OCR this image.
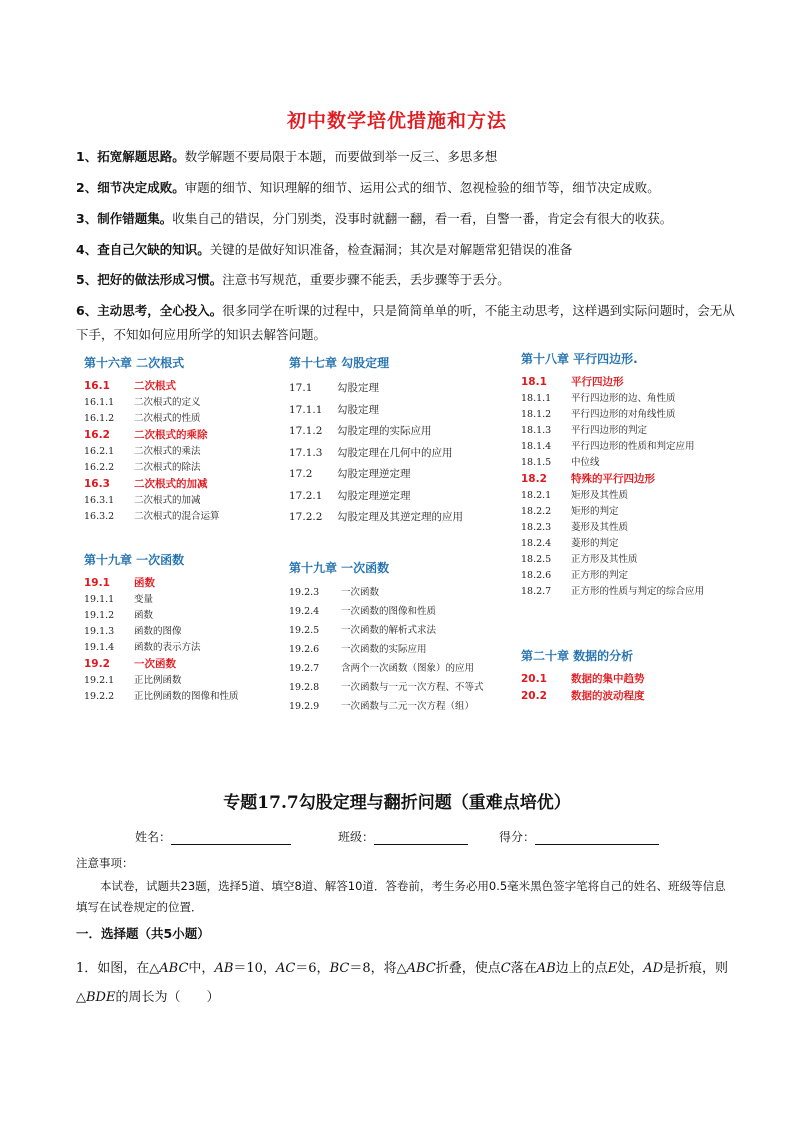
初中数学培优措施和方法
1、拓宽解题思路。数学解题不要局限于本题，而要做到举一反三、多思多想
2、细节决定成败。审题的细节、知识理解的细节、运用公式的细节、忽视检验的细节等，细节决定成败。
3、制作错题集。收集自己的错误，分门别类，没事时就翻一翻，看一看，自警一番，肯定会有很大的收获。
4、查自己欠缺的知识。关键的是做好知识准备，检查漏洞；其次是对解题常犯错误的准备
5、把好的做法形成习惯。注意书写规范，重要步骤不能丢，丢步骤等于丢分。
6、主动思考，全心投入。很多同学在听课的过程中，只是简简单单的听，不能主动思考，这样遇到实际问题时，会无从下手，不知如何应用所学的知识去解答问题。
第十六章 二次根式
16.1 二次根式
16.1.1 二次根式的定义
16.1.2 二次根式的性质
16.2 二次根式的乘除
16.2.1 二次根式的乘法
16.2.2 二次根式的除法
16.3 二次根式的加减
16.3.1 二次根式的加减
16.3.2 二次根式的混合运算
第十九章 一次函数
19.1 函数
19.1.1 变量
19.1.2 函数
19.1.3 函数的图像
19.1.4 函数的表示方法
19.2 一次函数
19.2.1 正比例函数
19.2.2 正比例函数的图像和性质
第十七章 勾股定理
17.1 勾股定理
17.1.1 勾股定理
17.1.2 勾股定理的实际应用
17.1.3 勾股定理在几何中的应用
17.2 勾股定理逆定理
17.2.1 勾股定理逆定理
17.2.2 勾股定理及其逆定理的应用
第十九章 一次函数
19.2.3 一次函数
19.2.4 一次函数的图像和性质
19.2.5 一次函数的解析式求法
19.2.6 一次函数的实际应用
19.2.7 含两个一次函数（图象）的应用
19.2.8 一次函数与一元一次方程、不等式
19.2.9 一次函数与二元一次方程（组）
第十八章 平行四边形.
18.1 平行四边形
18.1.1 平行四边形的边、角性质
18.1.2 平行四边形的对角线性质
18.1.3 平行四边形的判定
18.1.4 平行四边形的性质和判定应用
18.1.5 中位线
18.2 特殊的平行四边形
18.2.1 矩形及其性质
18.2.2 矩形的判定
18.2.3 菱形及其性质
18.2.4 菱形的判定
18.2.5 正方形及其性质
18.2.6 正方形的判定
18.2.7 正方形的性质与判定的综合应用
第二十章 数据的分析
20.1 数据的集中趋势
20.2 数据的波动程度
专题17.7勾股定理与翻折问题（重难点培优）
姓名：	班级：	得分：
注意事项：
本试卷，试题共23题，选择5道、填空8道、解答10道．答卷前，考生务必用0.5毫米黑色签字笔将自己的姓名、班级等信息填写在试卷规定的位置．
一．选择题（共5小题）
1．如图，在△ABC中，AB＝10，AC＝6，BC＝8，将△ABC折叠，使点C落在AB边上的点E处，AD是折痕，则△BDE的周长为（　　）
